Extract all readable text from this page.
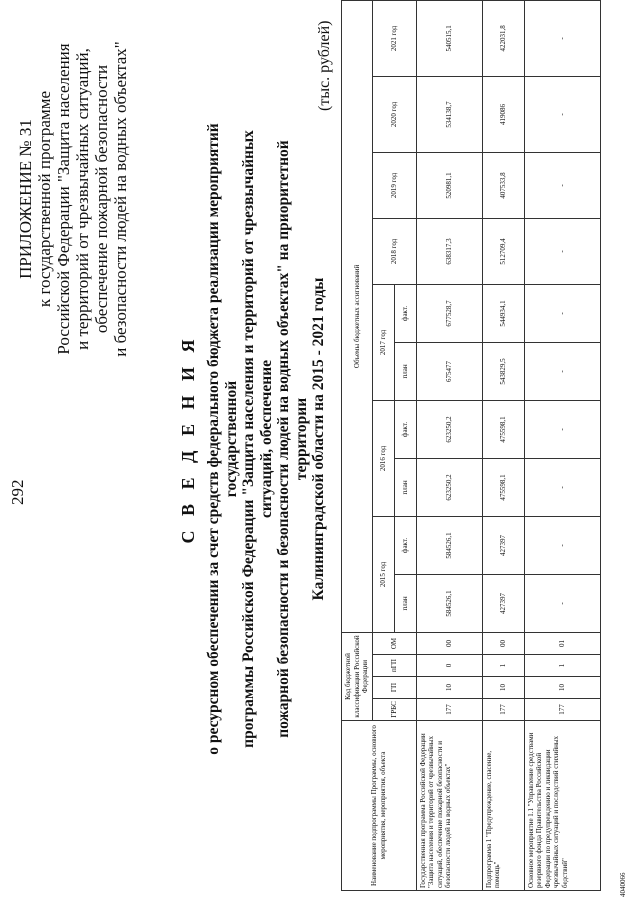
292
ПРИЛОЖЕНИЕ № 31 к государственной программе Российской Федерации "Защита населения и территорий от чрезвычайных ситуаций, обеспечение пожарной безопасности и безопасности людей на водных объектах"
С В Е Д Е Н И Я о ресурсном обеспечении за счет средств федерального бюджета реализации мероприятий государственной программы Российской Федерации "Защита населения и территорий от чрезвычайных ситуаций, обеспечение пожарной безопасности и безопасности людей на водных объектах" на приоритетной территории Калининградской области на 2015 - 2021 годы
(тыс. рублей)
Наименование подпрограммы Программы, основного мероприятия, мероприятия, объекта	Код бюджетной классификации Российской Федерации				Объемы бюджетных ассигнований									
	ГРБС	ГП	пГП	ОМ	2015 год		2016 год		2017 год		2018 год	2019 год	2020 год	2021 год
					план	факт.	план	факт.	план	факт.				
Государственная программа Российской Федерации "Защита населения и территорий от чрезвычайных ситуаций, обеспечение пожарной безопасности и безопасности людей на водных объектах"	177	10	0	00	584526,1	584526,1	623250,2	623250,2	675477	677528,7	638317,3	520981,1	534138,7	540515,1
Подпрограмма 1 "Предупреждение, спасение, помощь"	177	10	1	00	427397	427397	475598,1	475598,1	543829,5	544934,1	512709,4	407533,8	419086	422031,8
Основное мероприятие 1.1 "Управление средствами резервного фонда Правительства Российской Федерации по предупреждению и ликвидации чрезвычайных ситуаций и последствий стихийных бедствий"	177	10	1	01	-	-	-	-	-	-	-	-	-	-
4040066
